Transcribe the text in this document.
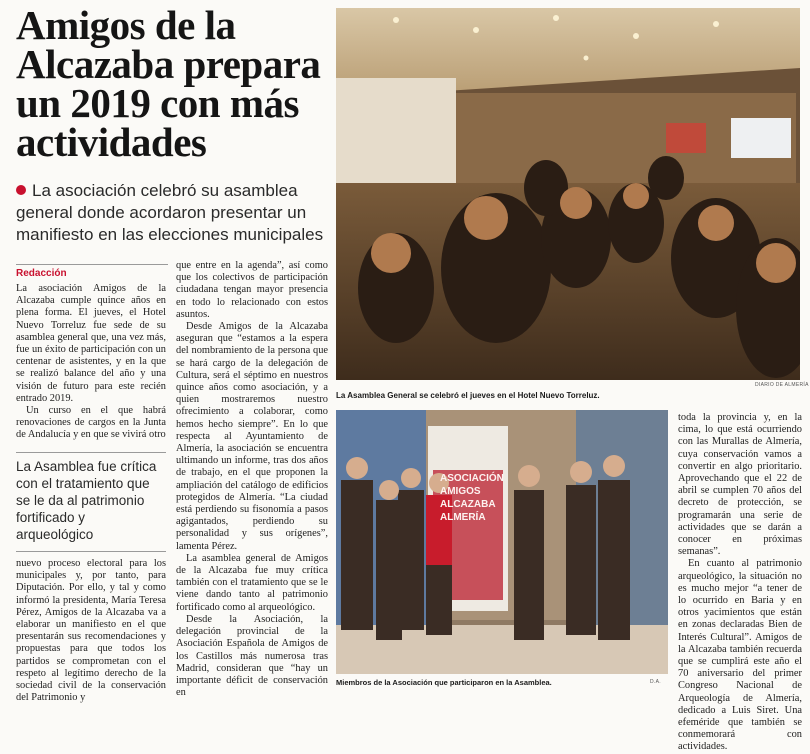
Amigos de la Alcazaba prepara un 2019 con más actividades
La asociación celebró su asamblea general donde acordaron presentar un manifiesto en las elecciones municipales
Redacción

La asociación Amigos de la Alcazaba cumple quince años en plena forma. El jueves, el Hotel Nuevo Torreluz fue sede de su asamblea general que, una vez más, fue un éxito de participación con un centenar de asistentes, y en la que se realizó balance del año y una visión de futuro para este recién entrado 2019.

Un curso en el que habrá renovaciones de cargos en la Junta de Andalucía y en que se vivirá otro

La Asamblea fue crítica con el tratamiento que se le da al patrimonio fortificado y arqueológico

nuevo proceso electoral para los municipales y, por tanto, para Diputación. Por ello, y tal y como informó la presidenta, María Teresa Pérez, Amigos de la Alcazaba va a elaborar un manifiesto en el que presentarán sus recomendaciones y propuestas para que todos los partidos se comprometan con el respeto al legítimo derecho de la sociedad civil de la conservación del Patrimonio y

que entre en la agenda”, así como que los colectivos de participación ciudadana tengan mayor presencia en todo lo relacionado con estos asuntos.

Desde Amigos de la Alcazaba aseguran que “estamos a la espera del nombramiento de la persona que se hará cargo de la delegación de Cultura, será el séptimo en nuestros quince años como asociación, y a quien mostraremos nuestro ofrecimiento a colaborar, como hemos hecho siempre”. En lo que respecta al Ayuntamiento de Almería, la asociación se encuentra ultimando un informe, tras dos años de trabajo, en el que proponen la ampliación del catálogo de edificios protegidos de Almería. “La ciudad está perdiendo su fisonomía a pasos agigantados, perdiendo su personalidad y sus orígenes”, lamenta Pérez.

La asamblea general de Amigos de la Alcazaba fue muy crítica también con el tratamiento que se le viene dando tanto al patrimonio fortificado como al arqueológico.

Desde la Asociación, la delegación provincial de la Asociación Española de Amigos de los Castillos más numerosa tras Madrid, consideran que “hay un importante déficit de conservación en

DIARIO DE ALMERÍA
La Asamblea General se celebró el jueves en el Hotel Nuevo Torreluz.
ASOCIACIÓN
AMIGOS
ALCAZABA
ALMERÍA
Miembros de la Asociación que participaron en la Asamblea.	D.A.

toda la provincia y, en la cima, lo que está ocurriendo con las Murallas de Almería, cuya conservación vamos a convertir en algo prioritario. Aprovechando que el 22 de abril se cumplen 70 años del decreto de protección, se programarán una serie de actividades que se darán a conocer en próximas semanas”.

En cuanto al patrimonio arqueológico, la situación no es mucho mejor “a tener de lo ocurrido en Baria y en otros yacimientos que están en zonas declaradas Bien de Interés Cultural”. Amigos de la Alcazaba también recuerda que se cumplirá este año el 70 aniversario del primer Congreso Nacional de Arqueología de Almería, dedicado a Luis Siret. Una efeméride que también se conmemorará con actividades.
